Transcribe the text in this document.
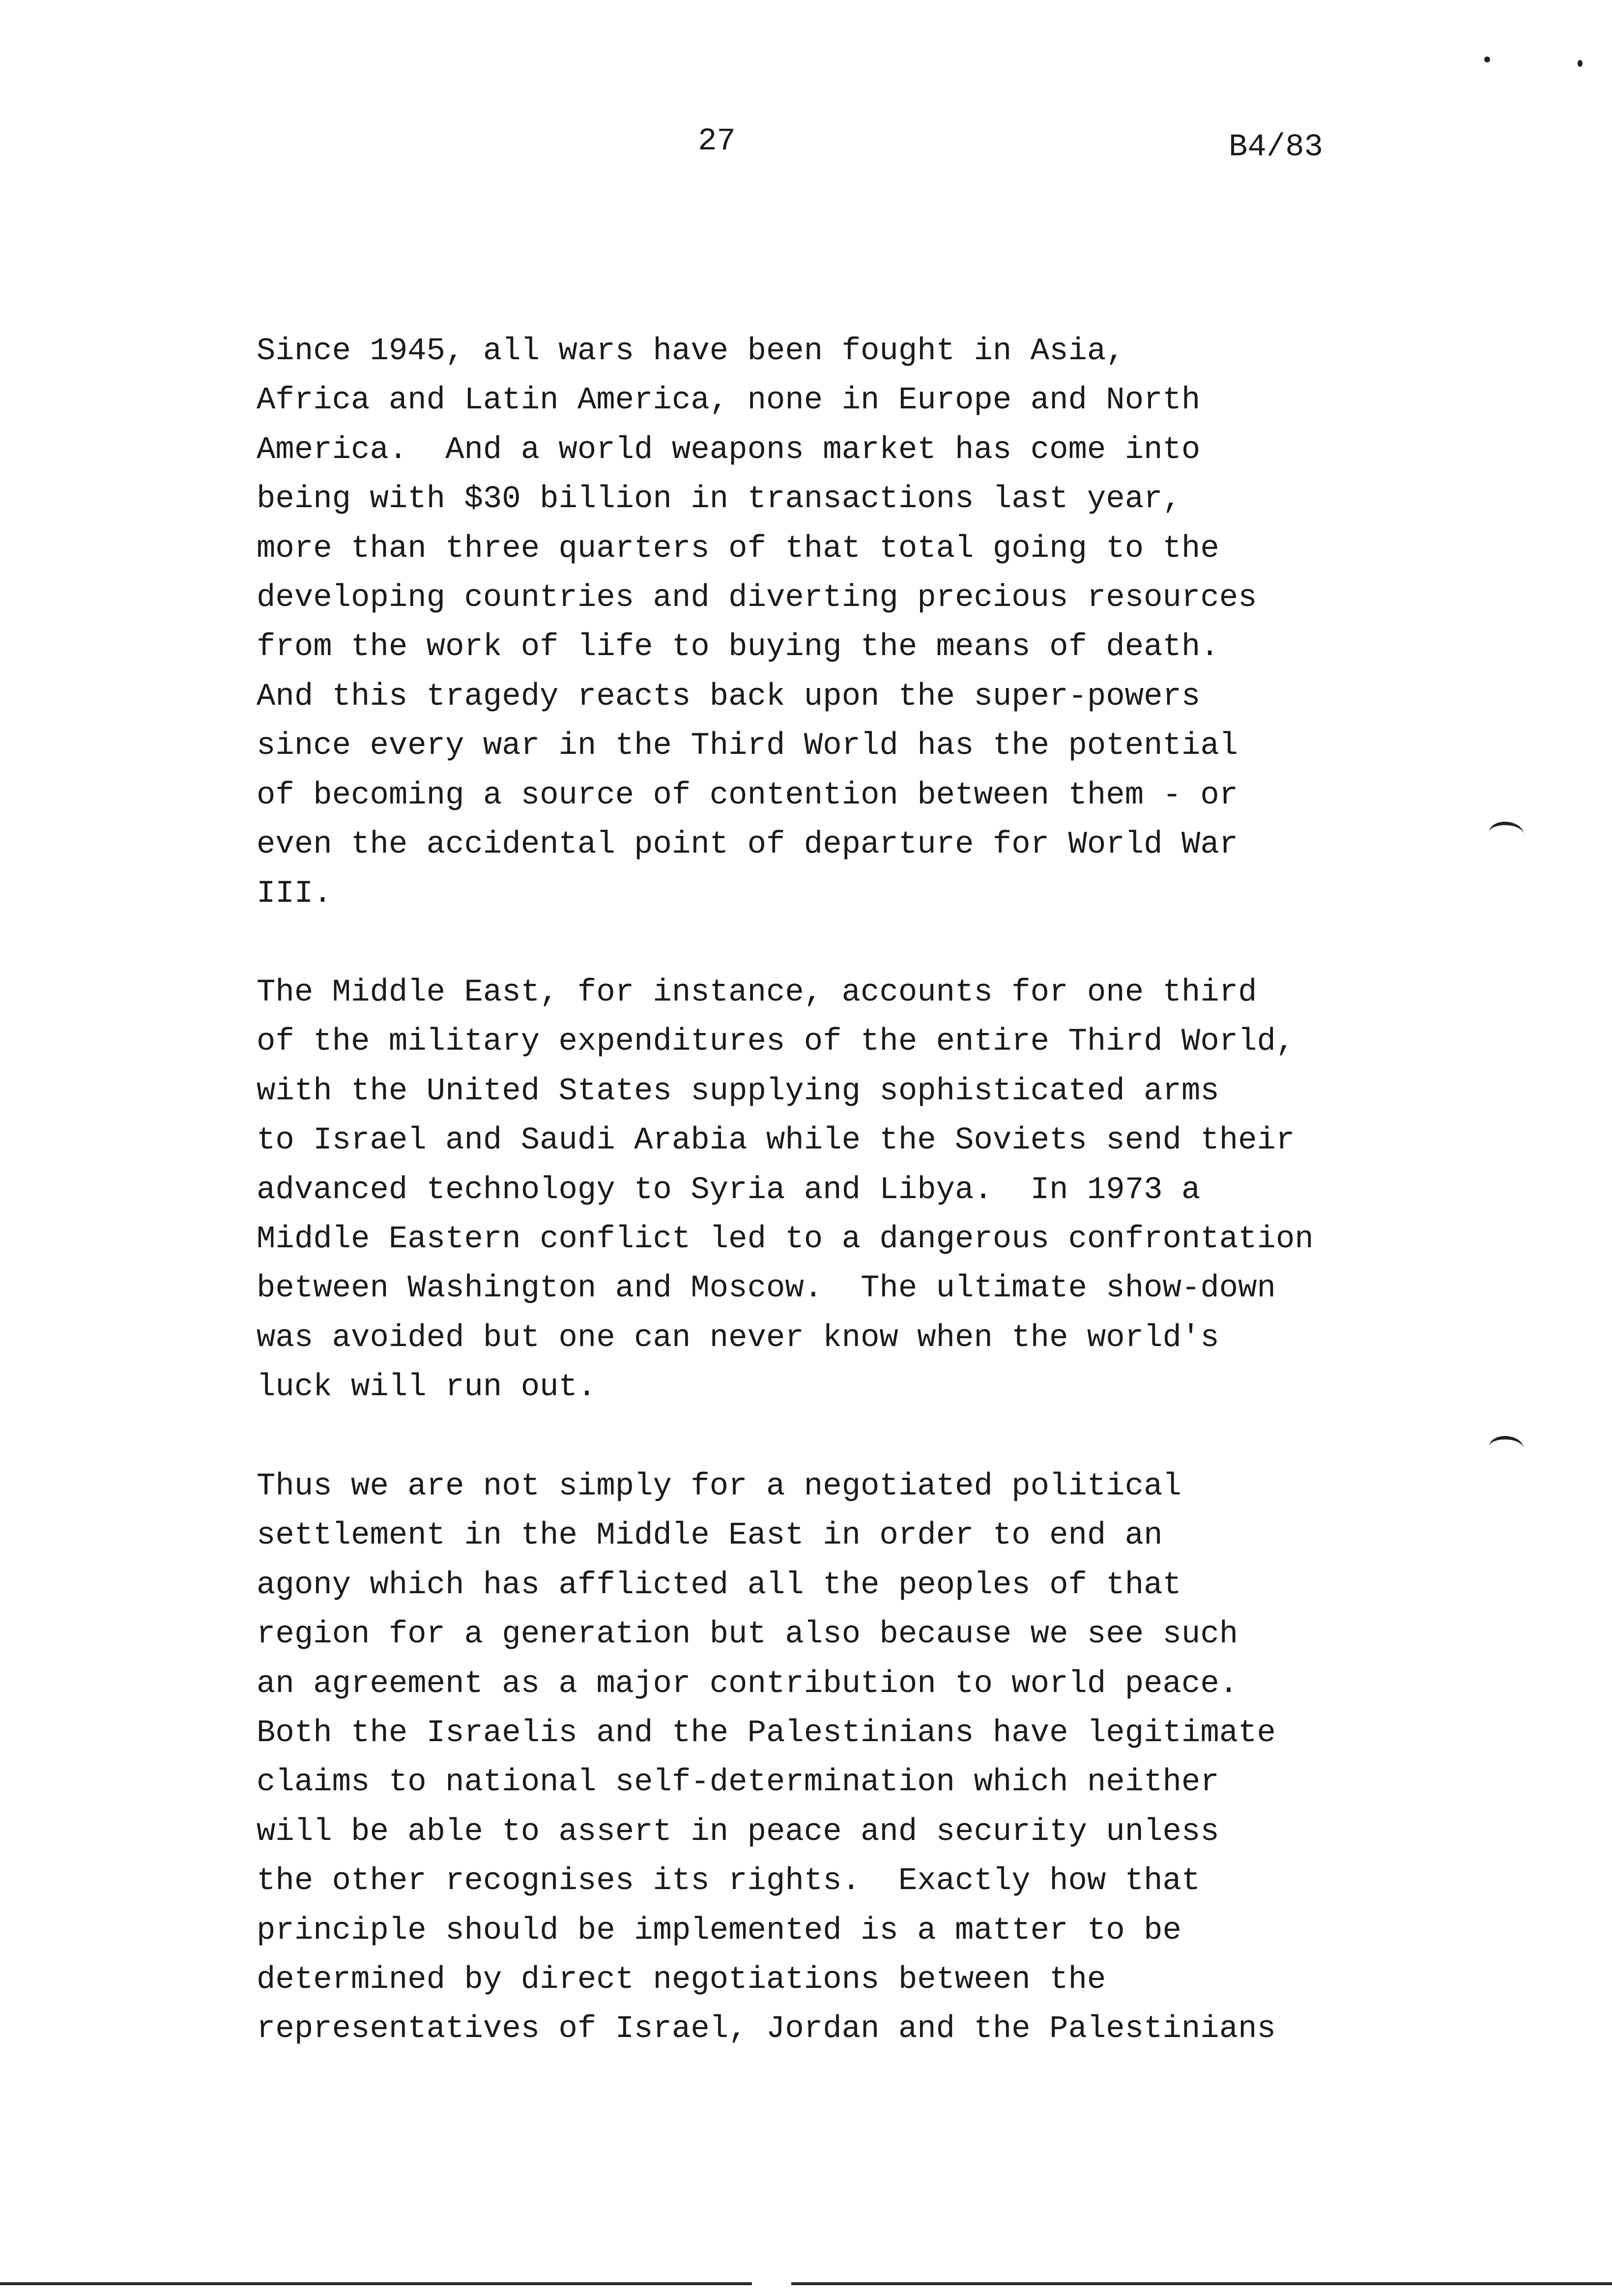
27	B4/83
Since 1945, all wars have been fought in Asia,
Africa and Latin America, none in Europe and North
America.  And a world weapons market has come into
being with $30 billion in transactions last year,
more than three quarters of that total going to the
developing countries and diverting precious resources
from the work of life to buying the means of death.
And this tragedy reacts back upon the super-powers
since every war in the Third World has the potential
of becoming a source of contention between them - or
even the accidental point of departure for World War
III.
The Middle East, for instance, accounts for one third
of the military expenditures of the entire Third World,
with the United States supplying sophisticated arms
to Israel and Saudi Arabia while the Soviets send their
advanced technology to Syria and Libya.  In 1973 a
Middle Eastern conflict led to a dangerous confrontation
between Washington and Moscow.  The ultimate show-down
was avoided but one can never know when the world's
luck will run out.
Thus we are not simply for a negotiated political
settlement in the Middle East in order to end an
agony which has afflicted all the peoples of that
region for a generation but also because we see such
an agreement as a major contribution to world peace.
Both the Israelis and the Palestinians have legitimate
claims to national self-determination which neither
will be able to assert in peace and security unless
the other recognises its rights.  Exactly how that
principle should be implemented is a matter to be
determined by direct negotiations between the
representatives of Israel, Jordan and the Palestinians
